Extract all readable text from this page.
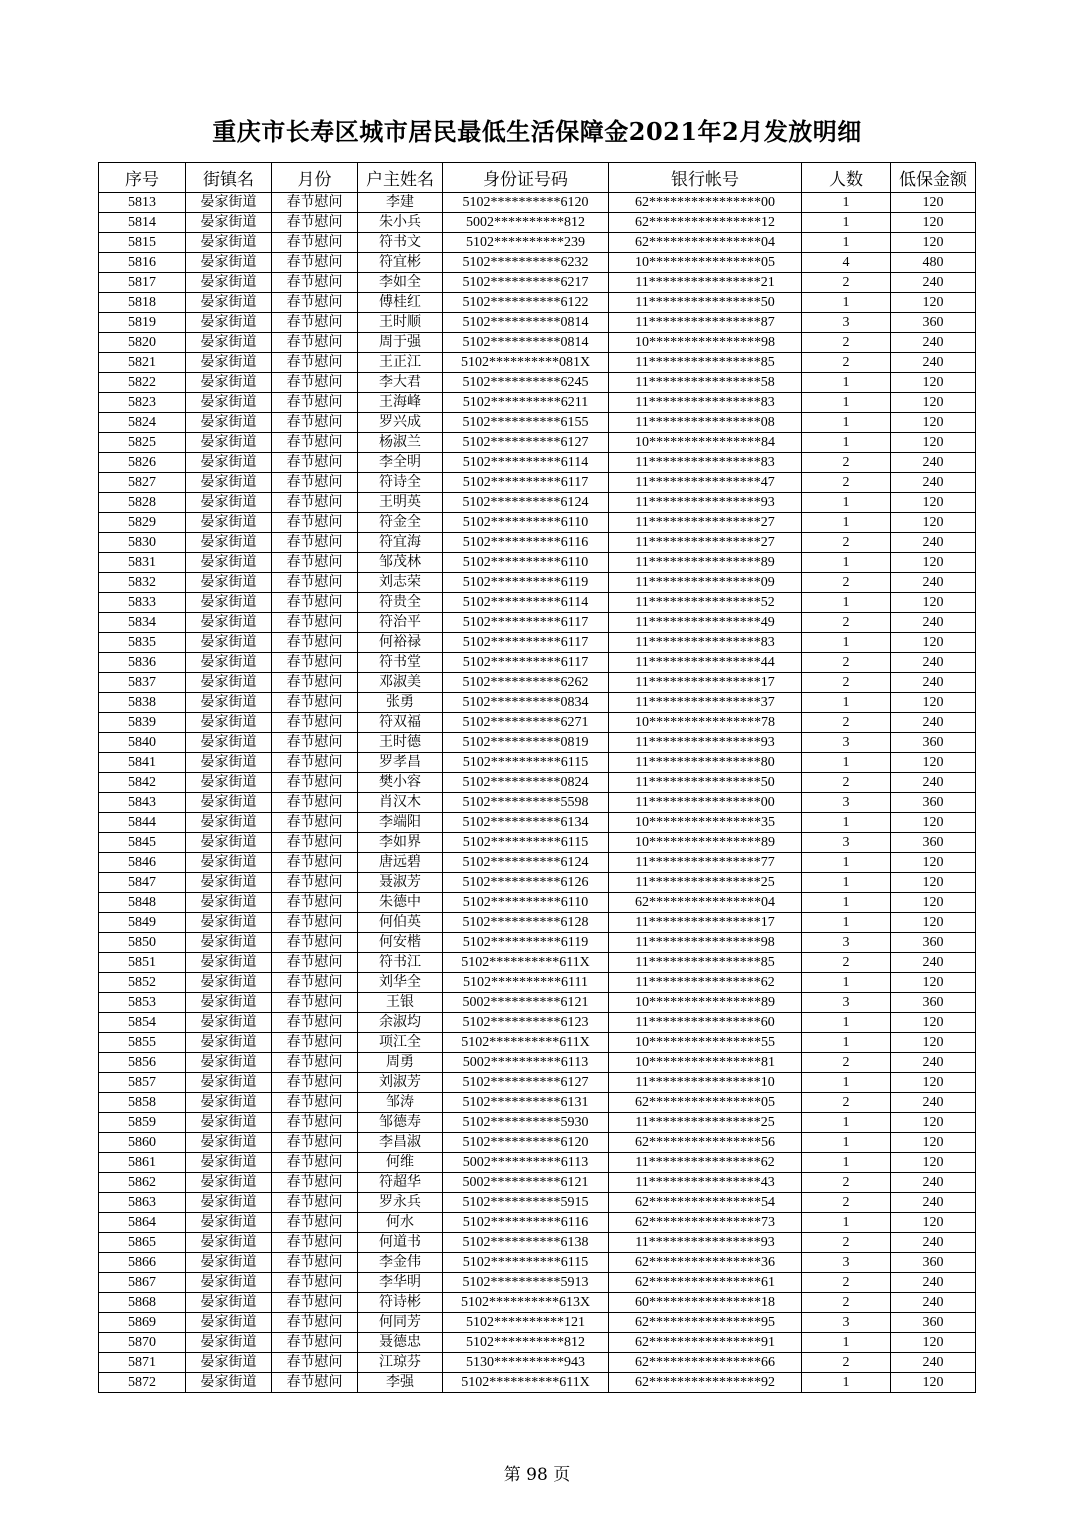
重庆市长寿区城市居民最低生活保障金2021年2月发放明细
序号	街镇名	月份	户主姓名	身份证号码	银行帐号	人数	低保金额
5813	晏家街道	春节慰问	李建	5102**********6120	62****************00	1	120
5814	晏家街道	春节慰问	朱小兵	5002**********812	62****************12	1	120
5815	晏家街道	春节慰问	符书文	5102**********239	62****************04	1	120
5816	晏家街道	春节慰问	符宜彬	5102**********6232	10****************05	4	480
5817	晏家街道	春节慰问	李如全	5102**********6217	11****************21	2	240
5818	晏家街道	春节慰问	傅桂红	5102**********6122	11****************50	1	120
5819	晏家街道	春节慰问	王时顺	5102**********0814	11****************87	3	360
5820	晏家街道	春节慰问	周于强	5102**********0814	10****************98	2	240
5821	晏家街道	春节慰问	王正江	5102**********081X	11****************85	2	240
5822	晏家街道	春节慰问	李大君	5102**********6245	11****************58	1	120
5823	晏家街道	春节慰问	王海峰	5102**********6211	11****************83	1	120
5824	晏家街道	春节慰问	罗兴成	5102**********6155	11****************08	1	120
5825	晏家街道	春节慰问	杨淑兰	5102**********6127	10****************84	1	120
5826	晏家街道	春节慰问	李全明	5102**********6114	11****************83	2	240
5827	晏家街道	春节慰问	符诗全	5102**********6117	11****************47	2	240
5828	晏家街道	春节慰问	王明英	5102**********6124	11****************93	1	120
5829	晏家街道	春节慰问	符金全	5102**********6110	11****************27	1	120
5830	晏家街道	春节慰问	符宜海	5102**********6116	11****************27	2	240
5831	晏家街道	春节慰问	邹茂林	5102**********6110	11****************89	1	120
5832	晏家街道	春节慰问	刘志荣	5102**********6119	11****************09	2	240
5833	晏家街道	春节慰问	符贵全	5102**********6114	11****************52	1	120
5834	晏家街道	春节慰问	符治平	5102**********6117	11****************49	2	240
5835	晏家街道	春节慰问	何裕禄	5102**********6117	11****************83	1	120
5836	晏家街道	春节慰问	符书堂	5102**********6117	11****************44	2	240
5837	晏家街道	春节慰问	邓淑美	5102**********6262	11****************17	2	240
5838	晏家街道	春节慰问	张勇	5102**********0834	11****************37	1	120
5839	晏家街道	春节慰问	符双福	5102**********6271	10****************78	2	240
5840	晏家街道	春节慰问	王时德	5102**********0819	11****************93	3	360
5841	晏家街道	春节慰问	罗孝昌	5102**********6115	11****************80	1	120
5842	晏家街道	春节慰问	樊小容	5102**********0824	11****************50	2	240
5843	晏家街道	春节慰问	肖汉木	5102**********5598	11****************00	3	360
5844	晏家街道	春节慰问	李端阳	5102**********6134	10****************35	1	120
5845	晏家街道	春节慰问	李如界	5102**********6115	10****************89	3	360
5846	晏家街道	春节慰问	唐远碧	5102**********6124	11****************77	1	120
5847	晏家街道	春节慰问	聂淑芳	5102**********6126	11****************25	1	120
5848	晏家街道	春节慰问	朱德中	5102**********6110	62****************04	1	120
5849	晏家街道	春节慰问	何伯英	5102**********6128	11****************17	1	120
5850	晏家街道	春节慰问	何安楷	5102**********6119	11****************98	3	360
5851	晏家街道	春节慰问	符书江	5102**********611X	11****************85	2	240
5852	晏家街道	春节慰问	刘华全	5102**********6111	11****************62	1	120
5853	晏家街道	春节慰问	王银	5002**********6121	10****************89	3	360
5854	晏家街道	春节慰问	余淑均	5102**********6123	11****************60	1	120
5855	晏家街道	春节慰问	项江全	5102**********611X	10****************55	1	120
5856	晏家街道	春节慰问	周勇	5002**********6113	10****************81	2	240
5857	晏家街道	春节慰问	刘淑芳	5102**********6127	11****************10	1	120
5858	晏家街道	春节慰问	邹涛	5102**********6131	62****************05	2	240
5859	晏家街道	春节慰问	邹德寿	5102**********5930	11****************25	1	120
5860	晏家街道	春节慰问	李昌淑	5102**********6120	62****************56	1	120
5861	晏家街道	春节慰问	何维	5002**********6113	11****************62	1	120
5862	晏家街道	春节慰问	符超华	5002**********6121	11****************43	2	240
5863	晏家街道	春节慰问	罗永兵	5102**********5915	62****************54	2	240
5864	晏家街道	春节慰问	何水	5102**********6116	62****************73	1	120
5865	晏家街道	春节慰问	何道书	5102**********6138	11****************93	2	240
5866	晏家街道	春节慰问	李金伟	5102**********6115	62****************36	3	360
5867	晏家街道	春节慰问	李华明	5102**********5913	62****************61	2	240
5868	晏家街道	春节慰问	符诗彬	5102**********613X	60****************18	2	240
5869	晏家街道	春节慰问	何同芳	5102**********121	62****************95	3	360
5870	晏家街道	春节慰问	聂德忠	5102**********812	62****************91	1	120
5871	晏家街道	春节慰问	江琼芬	5130**********943	62****************66	2	240
5872	晏家街道	春节慰问	李强	5102**********611X	62****************92	1	120
第 98 页
